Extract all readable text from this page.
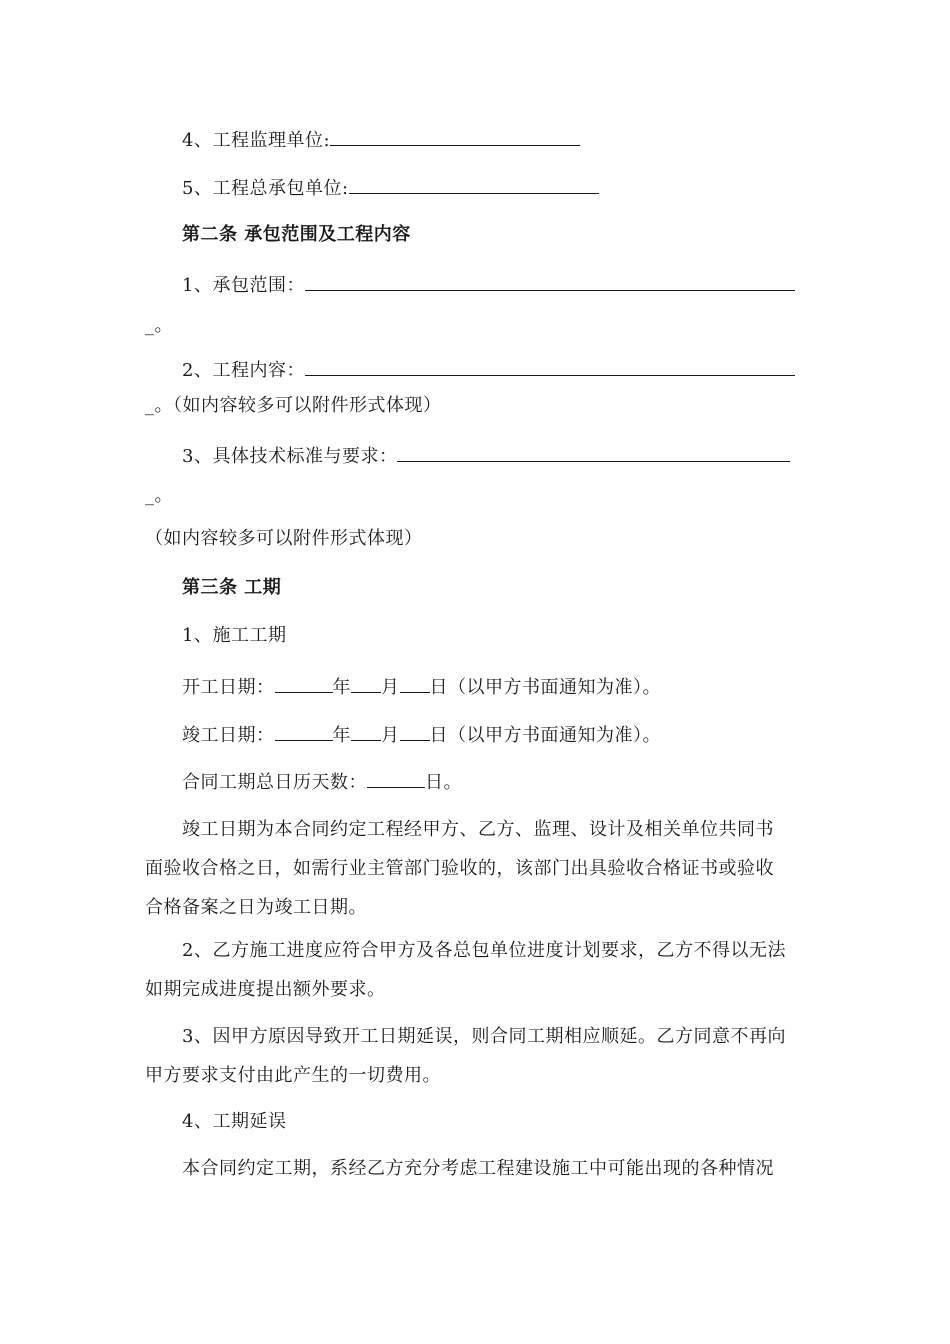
4、工程监理单位:
5、工程总承包单位:
第二条 承包范围及工程内容
1、承包范围：
_。
2、工程内容：
_。（如内容较多可以附件形式体现）
3、具体技术标准与要求：
_。
（如内容较多可以附件形式体现）
第三条 工期
1、施工工期
开工日期：	年 月 日（以甲方书面通知为准）。
竣工日期：	年 月 日（以甲方书面通知为准）。
合同工期总日历天数：	日。
竣工日期为本合同约定工程经甲方、乙方、监理、设计及相关单位共同书
面验收合格之日，如需行业主管部门验收的，该部门出具验收合格证书或验收
合格备案之日为竣工日期。
2、乙方施工进度应符合甲方及各总包单位进度计划要求，乙方不得以无法
如期完成进度提出额外要求。
3、因甲方原因导致开工日期延误，则合同工期相应顺延。乙方同意不再向
甲方要求支付由此产生的一切费用。
4、工期延误
本合同约定工期，系经乙方充分考虑工程建设施工中可能出现的各种情况
